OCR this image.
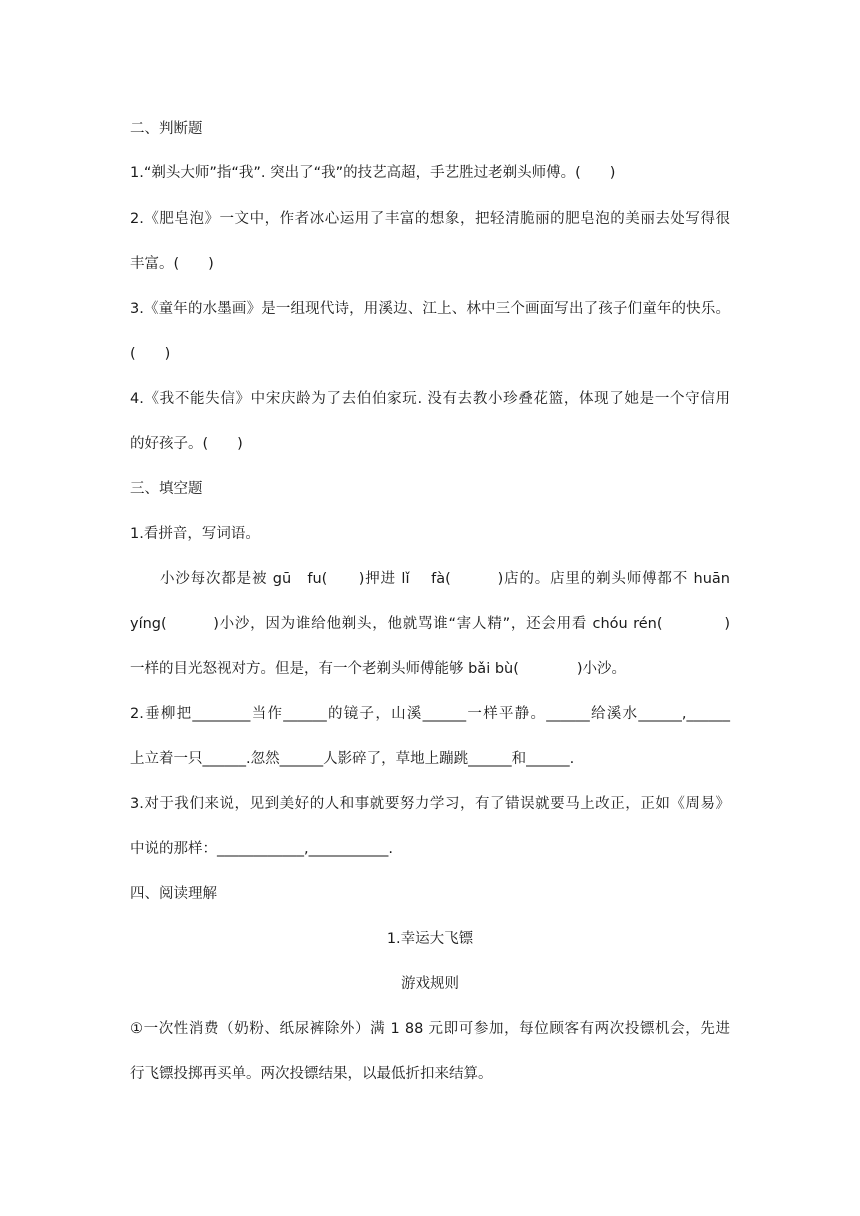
二、判断题
1.“剃头大师”指“我”. 突出了“我”的技艺高超，手艺胜过老剃头师傅。(　　)
2.《肥皂泡》一文中，作者冰心运用了丰富的想象，把轻清脆丽的肥皂泡的美丽去处写得很
丰富。(　　)
3.《童年的水墨画》是一组现代诗，用溪边、江上、林中三个画面写出了孩子们童年的快乐。
(　　)
4.《我不能失信》中宋庆龄为了去伯伯家玩. 没有去教小珍叠花篮，体现了她是一个守信用
的好孩子。(　　)
三、填空题
1.看拼音，写词语。
小沙每次都是被 gū　fu(　　)押进 lǐ　 fà(　　　)店的。店里的剃头师傅都不 huān
yíng(　　　)小沙，因为谁给他剃头，他就骂谁“害人精”，还会用看 chóu rén(　　　　)
一样的目光怒视对方。但是，有一个老剃头师傅能够 bǎi bù(　　　　)小沙。
2.垂柳把________当作______的镜子，山溪______一样平静。______给溪水______,______
上立着一只______.忽然______人影碎了，草地上蹦跳______和______.
3.对于我们来说，见到美好的人和事就要努力学习，有了错误就要马上改正，正如《周易》
中说的那样：____________,___________.
四、阅读理解
1.幸运大飞镖
游戏规则
①一次性消费（奶粉、纸尿裤除外）满 1 88 元即可参加，每位顾客有两次投镖机会，先进
行飞镖投掷再买单。两次投镖结果，以最低折扣来结算。
